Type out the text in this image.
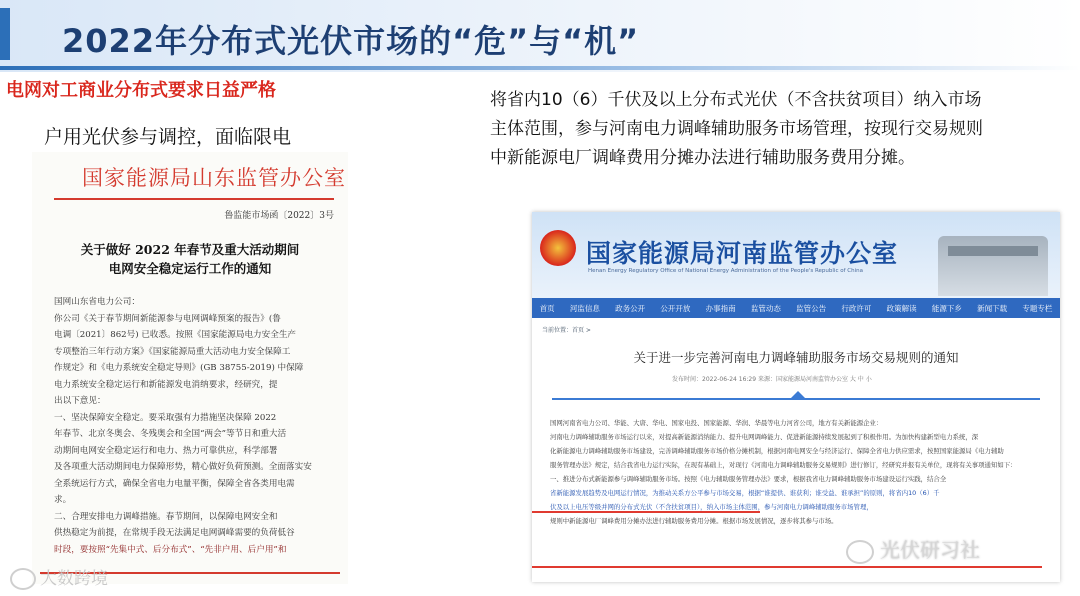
2022年分布式光伏市场的“危”与“机”
电网对工商业分布式要求日益严格
户用光伏参与调控，面临限电
国家能源局山东监管办公室
鲁监能市场函〔2022〕3号
关于做好 2022 年春节及重大活动期间
电网安全稳定运行工作的通知
国网山东省电力公司：
你公司《关于春节期间新能源参与电网调峰预案的报告》(鲁
电调〔2021〕862号) 已收悉。按照《国家能源局电力安全生产
专项整治三年行动方案》《国家能源局重大活动电力安全保障工
作规定》和《电力系统安全稳定导则》(GB 38755-2019) 中保障
电力系统安全稳定运行和新能源发电消纳要求，经研究，提
出以下意见：
一、坚决保障安全稳定。要采取强有力措施坚决保障 2022
年春节、北京冬奥会、冬残奥会和全国“两会”等节日和重大活
动期间电网安全稳定运行和电力、热力可靠供应，科学部署
及各项重大活动期间电力保障形势，精心做好负荷预测。全面落实安
全系统运行方式，确保全省电力电量平衡，保障全省各类用电需
求。
二、合理安排电力调峰措施。春节期间，以保障电网安全和
供热稳定为前提，在常规手段无法满足电网调峰需要的负荷低谷
时段，要按照“先集中式、后分布式”、“先非户用、后户用”和
大数跨境
将省内10（6）千伏及以上分布式光伏（不含扶贫项目）纳入市场
主体范围，参与河南电力调峰辅助服务市场管理，按现行交易规则
中新能源电厂调峰费用分摊办法进行辅助服务费用分摊。
国家能源局河南监管办公室
Henan Energy Regulatory Office of National Energy Administration of the People's Republic of China
首页 河监信息 政务公开 公开开放 办事指南 监管动态 监管公告 行政许可 政策解读 能源下乡 新闻下载 专题专栏
当前位置：首页 >
关于进一步完善河南电力调峰辅助服务市场交易规则的通知
发布时间：2022-06-24 16:29 来源：国家能源局河南监管办公室 大 中 小
国网河南省电力公司、华能、大唐、华电、国家电投、国家能源、华润、华晨等电力河省公司，地方有关新能源企业：
河南电力调峰辅助服务市场运行以来，对提高新能源消纳能力、提升电网调峰能力、促进新能源持续发展起到了积极作用。为加快构建新型电力系统，深
化新能源电力调峰辅助服务市场建设，完善调峰辅助服务市场价格分摊机制，根据河南电网安全与经济运行、保障全省电力供应需求，按照国家能源局《电力辅助
服务管理办法》规定，结合我省电力运行实际，在现有基础上，对现行《河南电力调峰辅助服务交易规则》进行修订，经研究并报有关单位，现将有关事项通知如下：
一、推进分布式新能源参与调峰辅助服务市场。按照《电力辅助服务管理办法》要求，根据我省电力调峰辅助服务市场建设运行实践，结合全
省新能源发展趋势及电网运行情况，为推动关系方公平参与市场交易，根据“谁提供、谁获利；谁受益、谁承担”的原则，将省内10（6）千
伏及以上电压等级并网的分布式光伏（不含扶贫项目），纳入市场主体范围，参与河南电力调峰辅助服务市场管理，
规则中新能源电厂调峰费用分摊办法进行辅助服务费用分摊。根据市场发展情况，逐步将其参与市场。
光伏研习社
